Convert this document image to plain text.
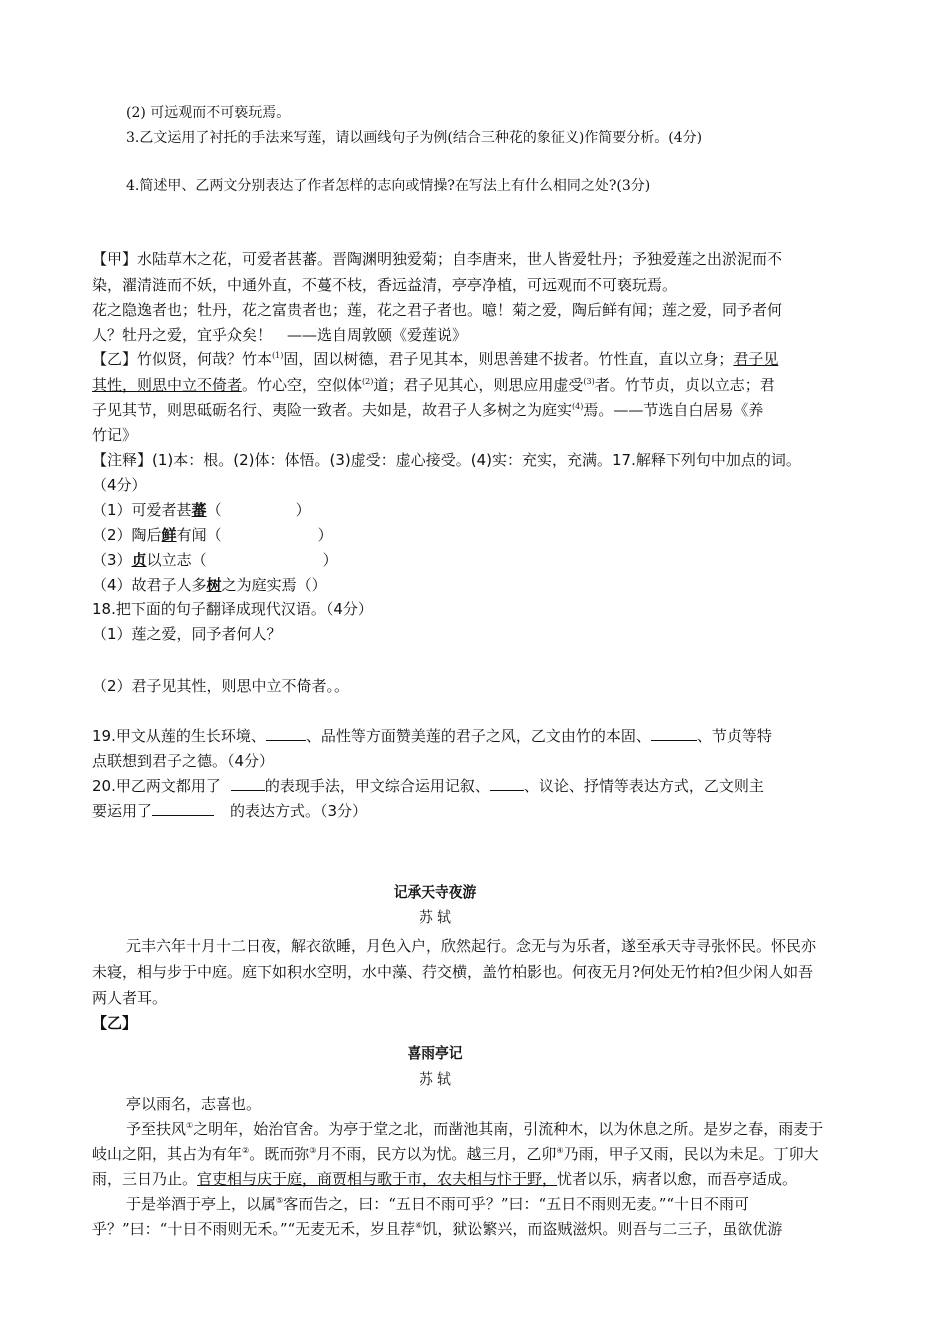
(2) 可远观而不可亵玩焉。
3.乙文运用了衬托的手法来写莲，请以画线句子为例(结合三种花的象征义)作简要分析。(4分)
4.简述甲、乙两文分别表达了作者怎样的志向或情操?在写法上有什么相同之处?(3分)
【甲】水陆草木之花，可爱者甚蕃。晋陶渊明独爱菊；自李唐来，世人皆爱牡丹；予独爱莲之出淤泥而不
染，濯清涟而不妖，中通外直，不蔓不枝，香远益清，亭亭净植，可远观而不可亵玩焉。
花之隐逸者也；牡丹，花之富贵者也；莲，花之君子者也。噫！菊之爱，陶后鲜有闻；莲之爱，同予者何
人？牡丹之爱，宜乎众矣！　——选自周敦颐《爱莲说》
【乙】竹似贤，何哉？竹本$^{(1)}$固，固以树德，君子见其本，则思善建不拔者。竹性直，直以立身；君子见
其性，则思中立不倚者。竹心空，空似体$^{(2)}$道；君子见其心，则思应用虚受$^{(3)}$者。竹节贞，贞以立志；君
子见其节，则思砥砺名行、夷险一致者。夫如是，故君子人多树之为庭实$^{(4)}$焉。——节选自白居易《养
竹记》
【注释】(1)本：根。(2)体：体悟。(3)虚受：虚心接受。(4)实：充实，充满。17.解释下列句中加点的词。
（4分）
（1）可爱者甚蕃（	）
（2）陶后鲜有闻（	）
（3）贞以立志（	）
（4）故君子人多树之为庭实焉（）
18.把下面的句子翻译成现代汉语。（4分）
（1）莲之爱，同予者何人？
（2）君子见其性，则思中立不倚者。。
19.甲文从莲的生长环境、	、品性等方面赞美莲的君子之风，乙文由竹的本固、	、节贞等特
点联想到君子之德。（4分）
20.甲乙两文都用了	的表现手法，甲文综合运用记叙、 、议论、抒情等表达方式，乙文则主
要运用了	的表达方式。（3分）
记承天寺夜游
苏 轼
元丰六年十月十二日夜，解衣欲睡，月色入户，欣然起行。念无与为乐者，遂至承天寺寻张怀民。怀民亦
未寝，相与步于中庭。庭下如积水空明，水中藻、荇交横，盖竹柏影也。何夜无月?何处无竹柏?但少闲人如吾
两人者耳。
【乙】
喜雨亭记
苏 轼
亭以雨名，志喜也。
予至扶风①之明年，始治官舍。为亭于堂之北，而凿池其南，引流种木，以为休息之所。是岁之春，雨麦于
岐山之阳，其占为有年②。既而弥③月不雨，民方以为忧。越三月，乙卯④乃雨，甲子又雨，民以为未足。丁卯大
雨，三日乃止。官吏相与庆于庭，商贾相与歌于市，农夫相与忭于野，忧者以乐，病者以愈，而吾亭适成。
于是举酒于亭上，以属⑤客而告之，曰：“五日不雨可乎？”曰：“五日不雨则无麦。”“十日不雨可
乎？”曰：“十日不雨则无禾。”“无麦无禾，岁且荐⑥饥，狱讼繁兴，而盗贼滋炽。则吾与二三子，虽欲优游
